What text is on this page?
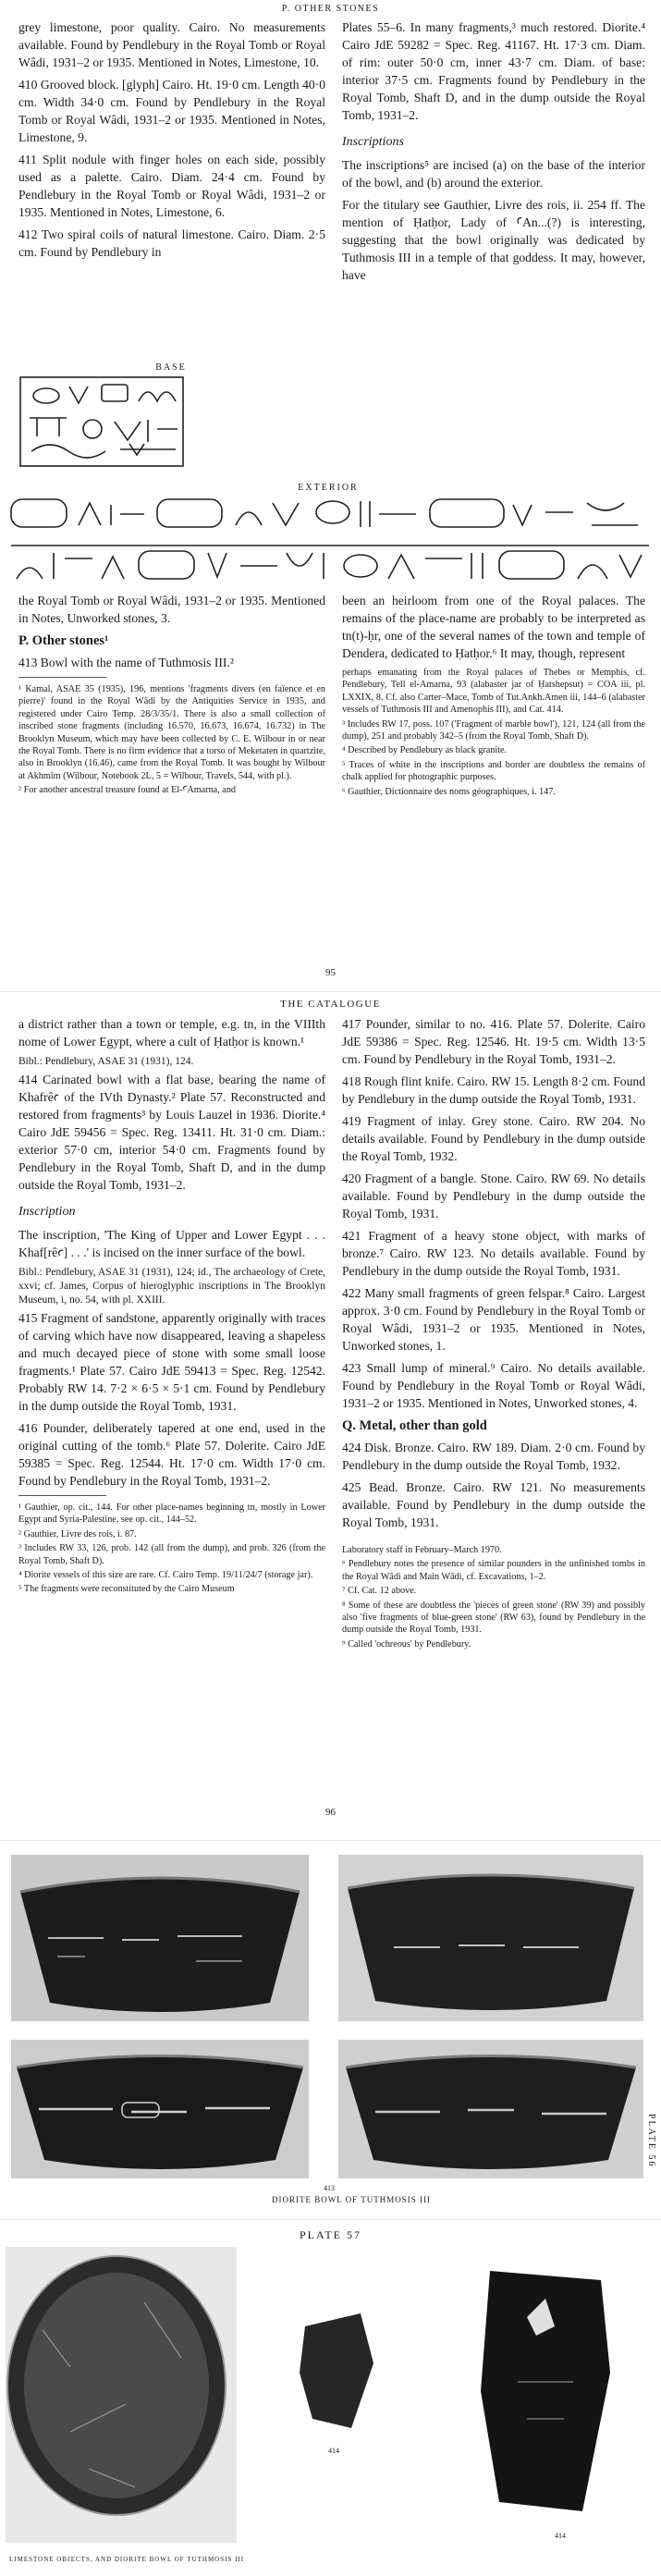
P. OTHER STONES

grey limestone, poor quality. Cairo. No measurements available. Found by Pendlebury in the Royal Tomb or Royal Wâdi, 1931–2 or 1935. Mentioned in Notes, Limestone, 10.

410 Grooved block. [glyph] Cairo. Ht. 19·0 cm. Length 40·0 cm. Width 34·0 cm. Found by Pendlebury in the Royal Tomb or Royal Wâdi, 1931–2 or 1935. Mentioned in Notes, Limestone, 9.

411 Split nodule with finger holes on each side, possibly used as a palette. Cairo. Diam. 24·4 cm. Found by Pendlebury in the Royal Tomb or Royal Wâdi, 1931–2 or 1935. Mentioned in Notes, Limestone, 6.

412 Two spiral coils of natural limestone. Cairo. Diam. 2·5 cm. Found by Pendlebury in

Plates 55–6. In many fragments,³ much restored. Diorite.⁴ Cairo JdE 59282 = Spec. Reg. 41167. Ht. 17·3 cm. Diam. of rim: outer 50·0 cm, inner 43·7 cm. Diam. of base: interior 37·5 cm. Fragments found by Pendlebury in the Royal Tomb, Shaft D, and in the dump outside the Royal Tomb, 1931–2.

Inscriptions

The inscriptions⁵ are incised (a) on the base of the interior of the bowl, and (b) around the exterior.

For the titulary see Gauthier, Livre des rois, ii. 254 ff. The mention of Ḥatḥor, Lady of ꜤAn...(?) is interesting, suggesting that the bowl originally was dedicated by Tuthmosis III in a temple of that goddess. It may, however, have

BASE
EXTERIOR

the Royal Tomb or Royal Wâdi, 1931–2 or 1935. Mentioned in Notes, Unworked stones, 3.

P. Other stones¹

413 Bowl with the name of Tuthmosis III.²

¹ Kamal, ASAE 35 (1935), 196, mentions 'fragments divers (en faïence et en pierre)' found in the Royal Wâdi by the Antiquities Service in 1935, and registered under Cairo Temp. 28/3/35/1. There is also a small collection of inscribed stone fragments (including 16.570, 16.673, 16.674, 16.732) in The Brooklyn Museum, which may have been collected by C. E. Wilbour in or near the Royal Tomb. There is no firm evidence that a torso of Meketaten in quartzite, also in Brooklyn (16.46), came from the Royal Tomb. It was bought by Wilbour at Akhmîm (Wilbour, Notebook 2L, 5 = Wilbour, Travels, 544, with pl.).

² For another ancestral treasure found at El-ꜤAmarna, and

been an heirloom from one of the Royal palaces. The remains of the place-name are probably to be interpreted as tn(t)-ḥr, one of the several names of the town and temple of Dendera, dedicated to Ḥatḥor.⁶ It may, though, represent

perhaps emanating from the Royal palaces of Thebes or Memphis, cf. Pendlebury, Tell el-Amarna, 93 (alabaster jar of Ḥatshepsut) = COA iii, pl. LXXIX, 8. Cf. also Carter–Mace, Tomb of Tut.Ankh.Amen iii, 144–6 (alabaster vessels of Tuthmosis III and Amenophis III), and Cat. 414.

³ Includes RW 17, poss. 107 ('Fragment of marble bowl'), 121, 124 (all from the dump), 251 and probably 342–5 (from the Royal Tomb, Shaft D).

⁴ Described by Pendlebury as black granite.

⁵ Traces of white in the inscriptions and border are doubtless the remains of chalk applied for photographic purposes.

⁶ Gauthier, Dictionnaire des noms géographiques, i. 147.

95
THE CATALOGUE

a district rather than a town or temple, e.g. tn, in the VIIIth nome of Lower Egypt, where a cult of Ḥatḥor is known.¹

Bibl.: Pendlebury, ASAE 31 (1931), 124.

414 Carinated bowl with a flat base, bearing the name of Khafrêꜥ of the IVth Dynasty.² Plate 57. Reconstructed and restored from fragments³ by Louis Lauzel in 1936. Diorite.⁴ Cairo JdE 59456 = Spec. Reg. 13411. Ht. 31·0 cm. Diam.: exterior 57·0 cm, interior 54·0 cm. Fragments found by Pendlebury in the Royal Tomb, Shaft D, and in the dump outside the Royal Tomb, 1931–2.

Inscription

The inscription, 'The King of Upper and Lower Egypt . . . Khaf[rêꜥ] . . .' is incised on the inner surface of the bowl.

Bibl.: Pendlebury, ASAE 31 (1931), 124; id., The archaeology of Crete, xxvi; cf. James, Corpus of hieroglyphic inscriptions in The Brooklyn Museum, i, no. 54, with pl. XXIII.

415 Fragment of sandstone, apparently originally with traces of carving which have now disappeared, leaving a shapeless and much decayed piece of stone with some small loose fragments.¹ Plate 57. Cairo JdE 59413 = Spec. Reg. 12542. Probably RW 14. 7·2 × 6·5 × 5·1 cm. Found by Pendlebury in the dump outside the Royal Tomb, 1931.

416 Pounder, deliberately tapered at one end, used in the original cutting of the tomb.⁶ Plate 57. Dolerite. Cairo JdE 59385 = Spec. Reg. 12544. Ht. 17·0 cm. Width 17·0 cm. Found by Pendlebury in the Royal Tomb, 1931–2.

¹ Gauthier, op. cit., 144. For other place-names beginning tn, mostly in Lower Egypt and Syria-Palestine, see op. cit., 144–52.

² Gauthier, Livre des rois, i. 87.

³ Includes RW 33, 126, prob. 142 (all from the dump), and prob. 326 (from the Royal Tomb, Shaft D).

⁴ Diorite vessels of this size are rare. Cf. Cairo Temp. 19/11/24/7 (storage jar).

⁵ The fragments were reconstituted by the Cairo Museum

417 Pounder, similar to no. 416. Plate 57. Dolerite. Cairo JdE 59386 = Spec. Reg. 12546. Ht. 19·5 cm. Width 13·5 cm. Found by Pendlebury in the Royal Tomb, 1931–2.

418 Rough flint knife. Cairo. RW 15. Length 8·2 cm. Found by Pendlebury in the dump outside the Royal Tomb, 1931.

419 Fragment of inlay. Grey stone. Cairo. RW 204. No details available. Found by Pendlebury in the dump outside the Royal Tomb, 1932.

420 Fragment of a bangle. Stone. Cairo. RW 69. No details available. Found by Pendlebury in the dump outside the Royal Tomb, 1931.

421 Fragment of a heavy stone object, with marks of bronze.⁷ Cairo. RW 123. No details available. Found by Pendlebury in the dump outside the Royal Tomb, 1931.

422 Many small fragments of green felspar.⁸ Cairo. Largest approx. 3·0 cm. Found by Pendlebury in the Royal Tomb or Royal Wâdi, 1931–2 or 1935. Mentioned in Notes, Unworked stones, 1.

423 Small lump of mineral.⁹ Cairo. No details available. Found by Pendlebury in the Royal Tomb or Royal Wâdi, 1931–2 or 1935. Mentioned in Notes, Unworked stones, 4.

Q. Metal, other than gold

424 Disk. Bronze. Cairo. RW 189. Diam. 2·0 cm. Found by Pendlebury in the dump outside the Royal Tomb, 1932.

425 Bead. Bronze. Cairo. RW 121. No measurements available. Found by Pendlebury in the dump outside the Royal Tomb, 1931.

Laboratory staff in February–March 1970.

⁶ Pendlebury notes the presence of similar pounders in the unfinished tombs in the Royal Wâdi and Main Wâdi, cf. Excavations, 1–2.

⁷ Cf. Cat. 12 above.

⁸ Some of these are doubtless the 'pieces of green stone' (RW 39) and possibly also 'five fragments of blue-green stone' (RW 63), found by Pendlebury in the dump outside the Royal Tomb, 1931.

⁹ Called 'ochreous' by Pendlebury.

96
413
DIORITE BOWL OF TUTHMOSIS III
PLATE 56
PLATE 57
414
414
LIMESTONE OBJECTS, AND DIORITE BOWL OF TUTHMOSIS III
